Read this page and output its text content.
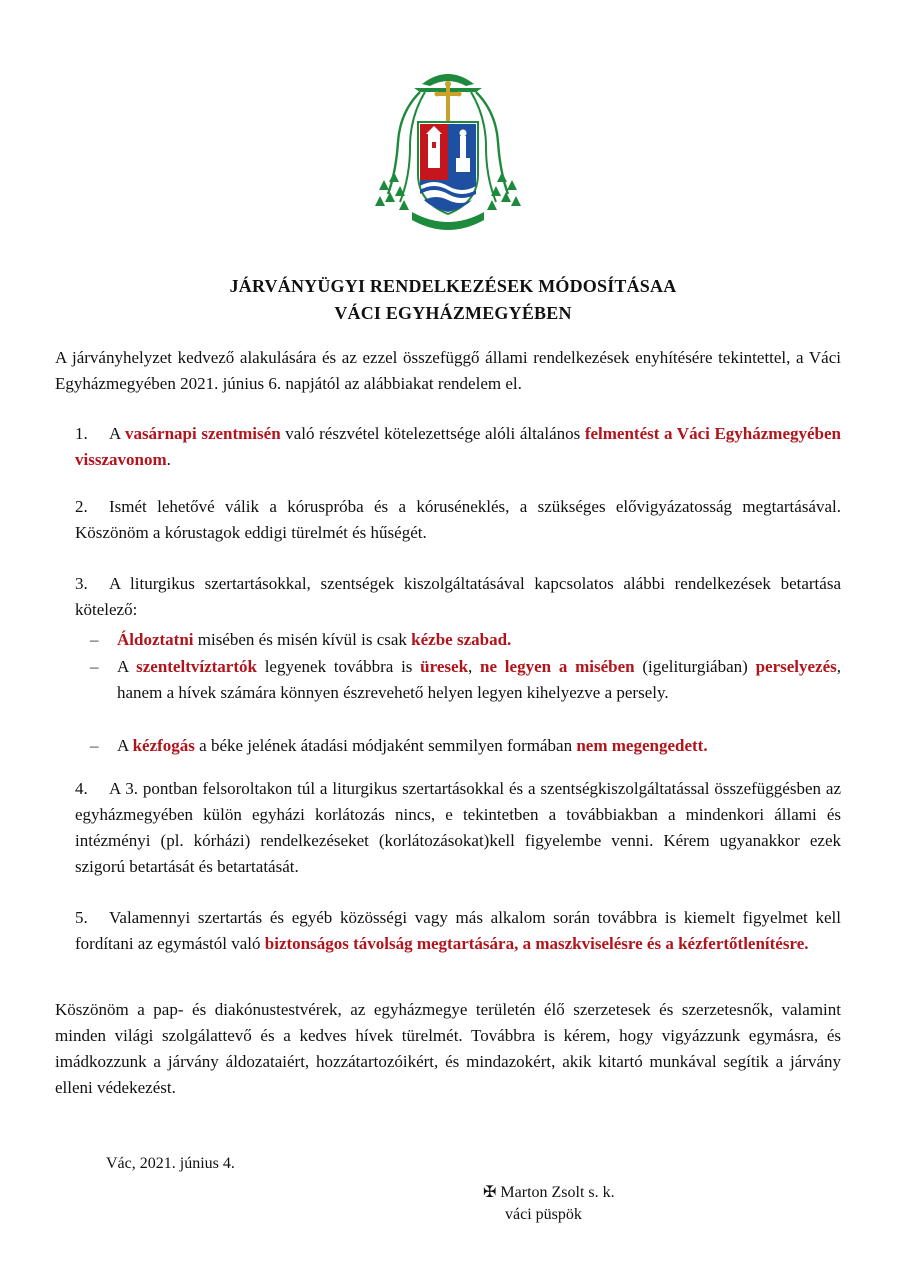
JÁRVÁNYÜGYI RENDELKEZÉSEK MÓDOSÍTÁSAA
VÁCI EGYHÁZMEGYÉBEN
A járványhelyzet kedvező alakulására és az ezzel összefüggő állami rendelkezések enyhítésére tekintettel, a Váci Egyházmegyében 2021. június 6. napjától az alábbiakat rendelem el.
1. A vasárnapi szentmisén való részvétel kötelezettsége alóli általános felmentést a Váci Egyházmegyében visszavonom.
2. Ismét lehetővé válik a kóruspróba és a kóruséneklés, a szükséges elővigyázatosság megtartásával. Köszönöm a kórustagok eddigi türelmét és hűségét.
3. A liturgikus szertartásokkal, szentségek kiszolgáltatásával kapcsolatos alábbi rendelkezések betartása kötelező:
– Áldoztatni misében és misén kívül is csak kézbe szabad.
– A szenteltvíztartók legyenek továbbra is üresek, ne legyen a misében (igeliturgiában) perselyezés, hanem a hívek számára könnyen észrevehető helyen legyen kihelyezve a persely.
– A kézfogás a béke jelének átadási módjaként semmilyen formában nem megengedett.
4. A 3. pontban felsoroltakon túl a liturgikus szertartásokkal és a szentségkiszolgáltatással összefüggésben az egyházmegyében külön egyházi korlátozás nincs, e tekintetben a továbbiakban a mindenkori állami és intézményi (pl. kórházi) rendelkezéseket (korlátozásokat)kell figyelembe venni. Kérem ugyanakkor ezek szigorú betartását és betartatását.
5. Valamennyi szertartás és egyéb közösségi vagy más alkalom során továbbra is kiemelt figyelmet kell fordítani az egymástól való biztonságos távolság megtartására, a maszkviselésre és a kézfertőtlenítésre.
Köszönöm a pap- és diakónustestvérek, az egyházmegye területén élő szerzetesek és szerzetesnők, valamint minden világi szolgálattevő és a kedves hívek türelmét. Továbbra is kérem, hogy vigyázzunk egymásra, és imádkozzunk a járvány áldozataiért, hozzátartozóikért, és mindazokért, akik kitartó munkával segítik a járvány elleni védekezést.
Vác, 2021. június 4.
✠ Marton Zsolt s. k.
váci püspök
